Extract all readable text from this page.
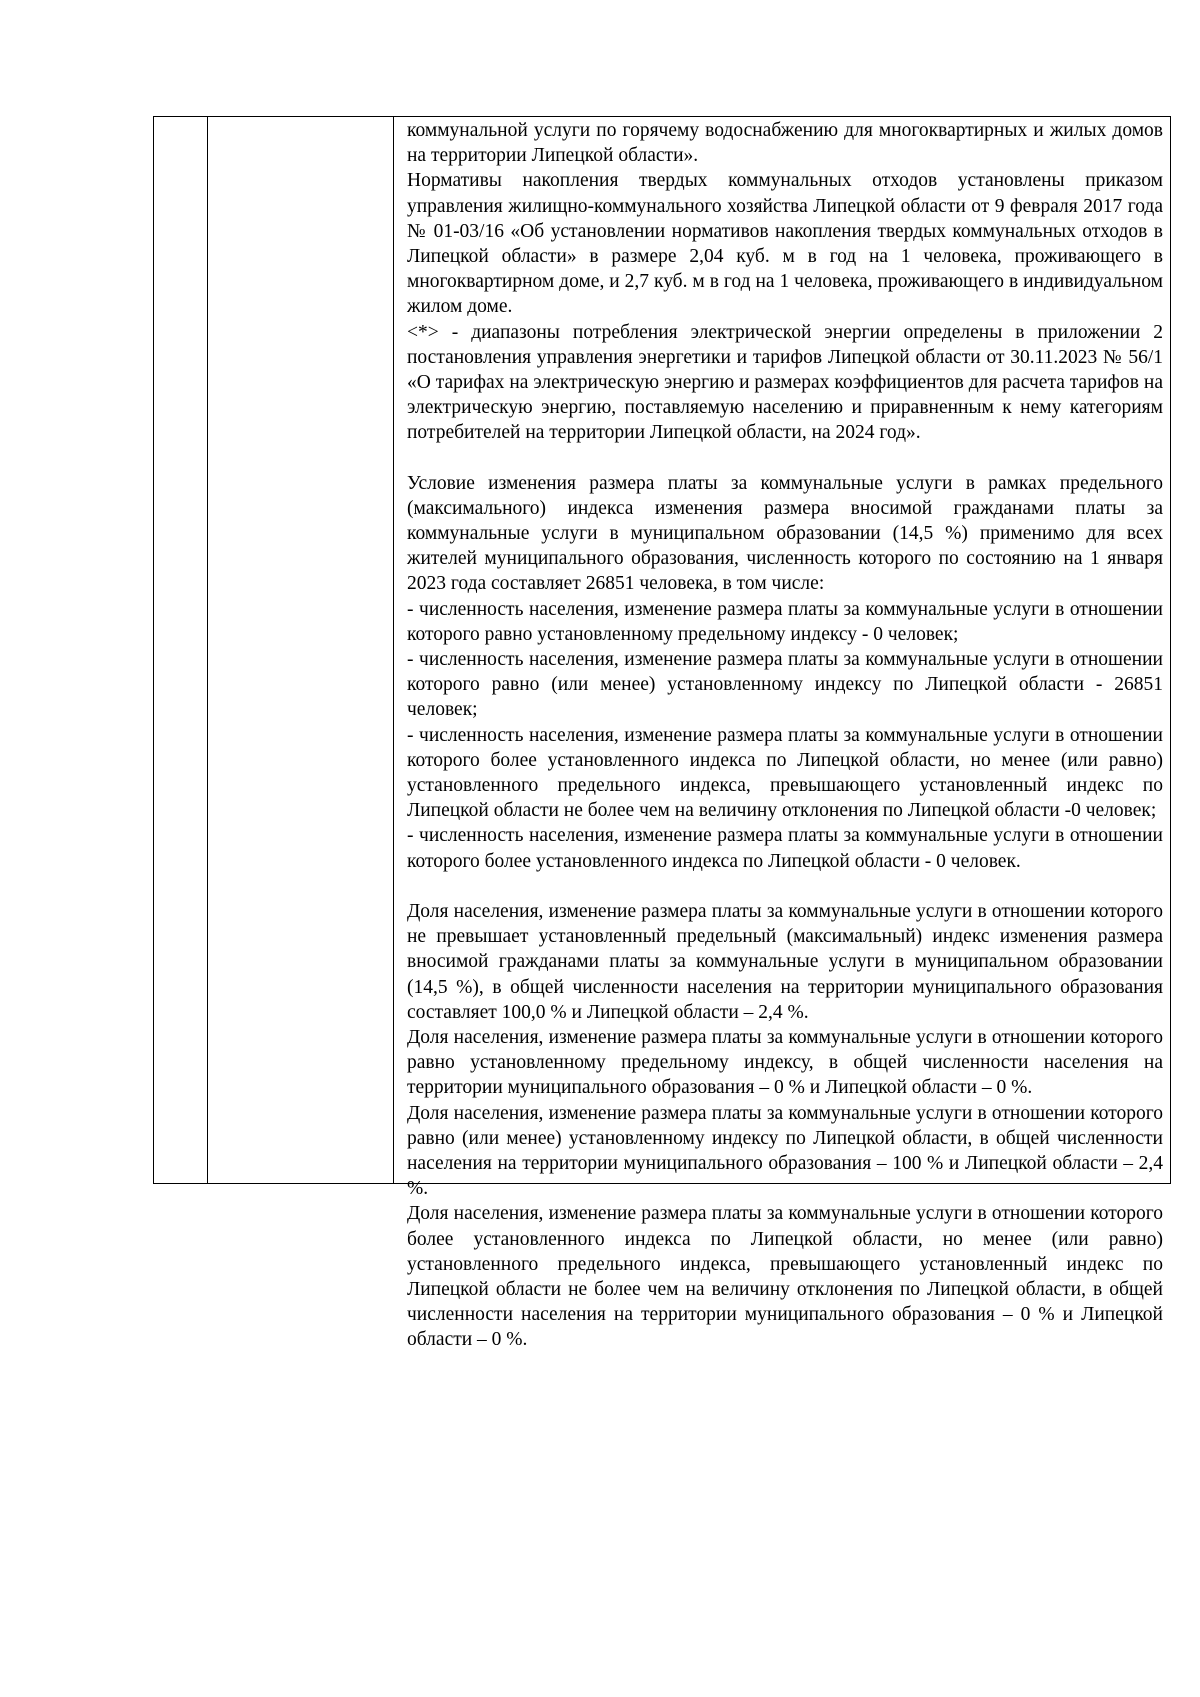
коммунальной услуги по горячему водоснабжению для многоквартирных и жилых домов на территории Липецкой области».

Нормативы накопления твердых коммунальных отходов установлены приказом управления жилищно-коммунального хозяйства Липецкой области от 9 февраля 2017 года № 01-03/16 «Об установлении нормативов накопления твердых коммунальных отходов в Липецкой области» в размере 2,04 куб. м в год на 1 человека, проживающего в многоквартирном доме, и 2,7 куб. м в год на 1 человека, проживающего в индивидуальном жилом доме.

<*> - диапазоны потребления электрической энергии определены в приложении 2 постановления управления энергетики и тарифов Липецкой области от 30.11.2023 № 56/1 «О тарифах на электрическую энергию и размерах коэффициентов для расчета тарифов на электрическую энергию, поставляемую населению и приравненным к нему категориям потребителей на территории Липецкой области, на 2024 год».

Условие изменения размера платы за коммунальные услуги в рамках предельного (максимального) индекса изменения размера вносимой гражданами платы за коммунальные услуги в муниципальном образовании (14,5 %) применимо для всех жителей муниципального образования, численность которого по состоянию на 1 января 2023 года составляет 26851 человека, в том числе:

- численность населения, изменение размера платы за коммунальные услуги в отношении которого равно установленному предельному индексу - 0 человек;

- численность населения, изменение размера платы за коммунальные услуги в отношении которого равно (или менее) установленному индексу по Липецкой области - 26851 человек;

- численность населения, изменение размера платы за коммунальные услуги в отношении которого более установленного индекса по Липецкой области, но менее (или равно) установленного предельного индекса, превышающего установленный индекс по Липецкой области не более чем на величину отклонения по Липецкой области -0 человек;

- численность населения, изменение размера платы за коммунальные услуги в отношении которого более установленного индекса по Липецкой области - 0 человек.

Доля населения, изменение размера платы за коммунальные услуги в отношении которого не превышает установленный предельный (максимальный) индекс изменения размера вносимой гражданами платы за коммунальные услуги в муниципальном образовании (14,5 %), в общей численности населения на территории муниципального образования составляет 100,0 % и Липецкой области – 2,4 %.

Доля населения, изменение размера платы за коммунальные услуги в отношении которого равно установленному предельному индексу, в общей численности населения на территории муниципального образования – 0 % и Липецкой области – 0 %.

Доля населения, изменение размера платы за коммунальные услуги в отношении которого равно (или менее) установленному индексу по Липецкой области, в общей численности населения на территории муниципального образования – 100 % и Липецкой области – 2,4 %.

Доля населения, изменение размера платы за коммунальные услуги в отношении которого более установленного индекса по Липецкой области, но менее (или равно) установленного предельного индекса, превышающего установленный индекс по Липецкой области не более чем на величину отклонения по Липецкой области, в общей численности населения на территории муниципального образования – 0 % и Липецкой области – 0 %.
